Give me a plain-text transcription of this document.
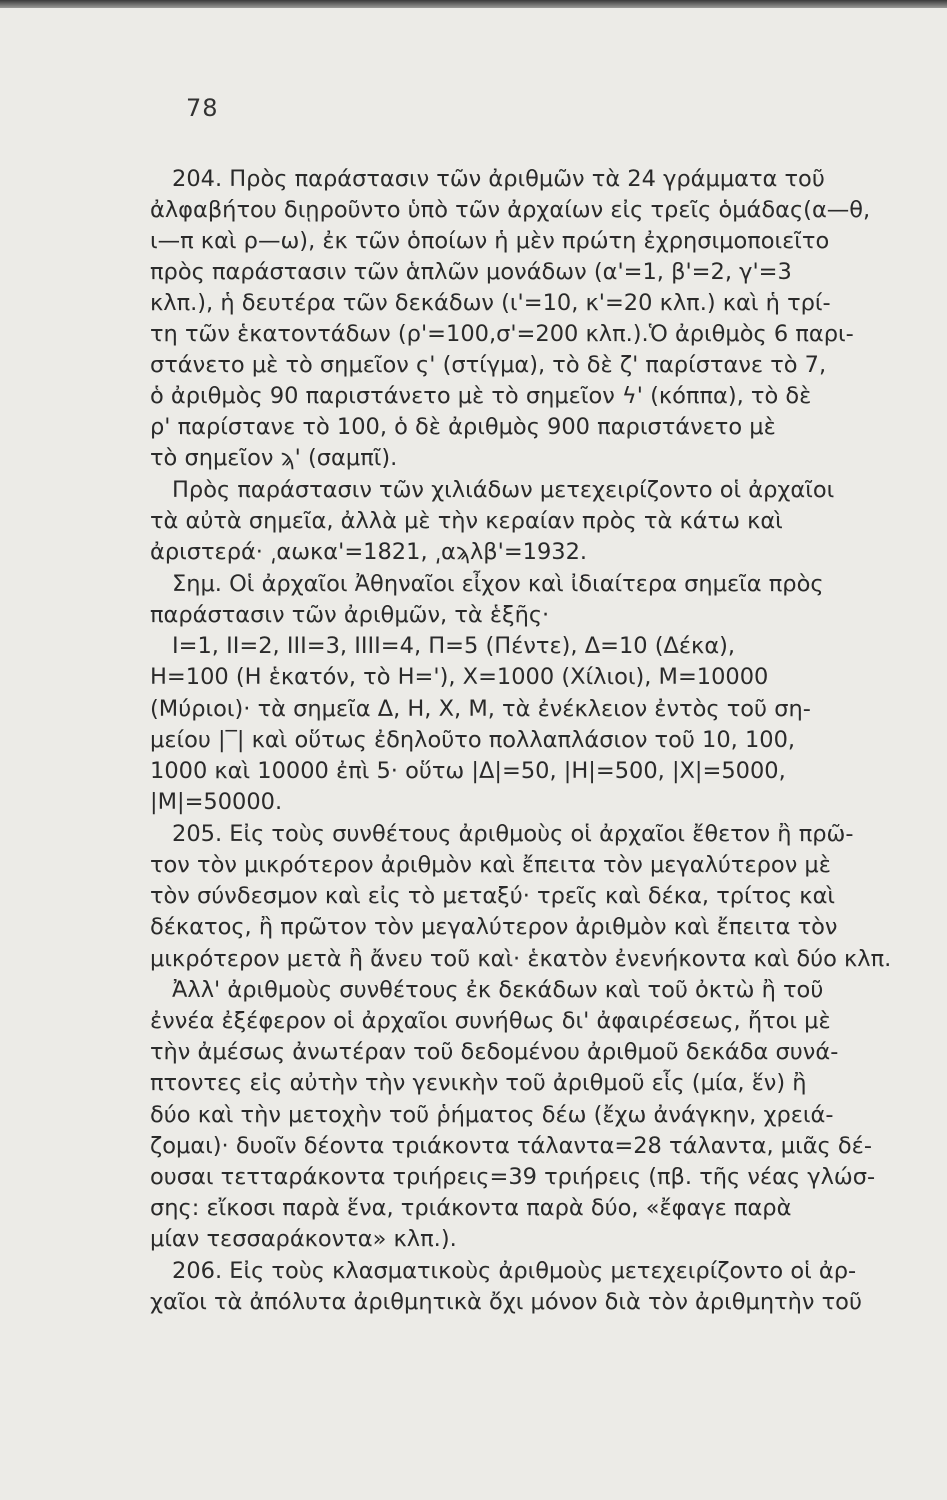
78
204. Πρὸς παράστασιν τῶν ἀριθμῶν τὰ 24 γράμματα τοῦ
ἀλφαβήτου διῃροῦντο ὑπὸ τῶν ἀρχαίων εἰς τρεῖς ὁμάδας(α—θ,
ι—π καὶ ρ—ω), ἐκ τῶν ὁποίων ἡ μὲν πρώτη ἐχρησιμοποιεῖτο
πρὸς παράστασιν τῶν ἁπλῶν μονάδων (α'=1, β'=2, γ'=3
κλπ.), ἡ δευτέρα τῶν δεκάδων (ι'=10, κ'=20 κλπ.) καὶ ἡ τρί-
τη τῶν ἑκατοντάδων (ρ'=100,σ'=200 κλπ.).Ὁ ἀριθμὸς 6 παρι-
στάνετο μὲ τὸ σημεῖον ς' (στίγμα), τὸ δὲ ζ' παρίστανε τὸ 7,
ὁ ἀριθμὸς 90 παριστάνετο μὲ τὸ σημεῖον ϟ' (κόππα), τὸ δὲ
ρ' παρίστανε τὸ 100, ὁ δὲ ἀριθμὸς 900 παριστάνετο μὲ
τὸ σημεῖον ϡ' (σαμπῖ).
Πρὸς παράστασιν τῶν χιλιάδων μετεχειρίζοντο οἱ ἀρχαῖοι
τὰ αὐτὰ σημεῖα, ἀλλὰ μὲ τὴν κεραίαν πρὸς τὰ κάτω καὶ
ἀριστερά· ͵αωκα'=1821, ͵αϡλβ'=1932.
Σημ. Οἱ ἀρχαῖοι Ἀθηναῖοι εἶχον καὶ ἰδιαίτερα σημεῖα πρὸς
παράστασιν τῶν ἀριθμῶν, τὰ ἑξῆς·
I=1, II=2, III=3, IIII=4, Π=5 (Πέντε), Δ=10 (Δέκα),
Η=100 (Η ἑκατόν, τὸ Η='), Χ=1000 (Χίλιοι), Μ=10000
(Μύριοι)· τὰ σημεῖα Δ, Η, Χ, Μ, τὰ ἐνέκλειον ἐντὸς τοῦ ση-
μείου |‾| καὶ οὕτως ἐδηλοῦτο πολλαπλάσιον τοῦ 10, 100,
1000 καὶ 10000 ἐπὶ 5· οὕτω |Δ|=50, |Η|=500, |Χ|=5000,
|Μ|=50000.
205. Εἰς τοὺς συνθέτους ἀριθμοὺς οἱ ἀρχαῖοι ἔθετον ἢ πρῶ-
τον τὸν μικρότερον ἀριθμὸν καὶ ἔπειτα τὸν μεγαλύτερον μὲ
τὸν σύνδεσμον καὶ εἰς τὸ μεταξύ· τρεῖς καὶ δέκα, τρίτος καὶ
δέκατος, ἢ πρῶτον τὸν μεγαλύτερον ἀριθμὸν καὶ ἔπειτα τὸν
μικρότερον μετὰ ἢ ἄνευ τοῦ καὶ· ἑκατὸν ἐνενήκοντα καὶ δύο κλπ.
Ἀλλ' ἀριθμοὺς συνθέτους ἐκ δεκάδων καὶ τοῦ ὀκτὼ ἢ τοῦ
ἐννέα ἐξέφερον οἱ ἀρχαῖοι συνήθως δι' ἀφαιρέσεως, ἤτοι μὲ
τὴν ἀμέσως ἀνωτέραν τοῦ δεδομένου ἀριθμοῦ δεκάδα συνά-
πτοντες εἰς αὐτὴν τὴν γενικὴν τοῦ ἀριθμοῦ εἷς (μία, ἕν) ἢ
δύο καὶ τὴν μετοχὴν τοῦ ῥήματος δέω (ἔχω ἀνάγκην, χρειά-
ζομαι)· δυοῖν δέοντα τριάκοντα τάλαντα=28 τάλαντα, μιᾶς δέ-
ουσαι τετταράκοντα τριήρεις=39 τριήρεις (πβ. τῆς νέας γλώσ-
σης: εἴκοσι παρὰ ἕνα, τριάκοντα παρὰ δύο, «ἔφαγε παρὰ
μίαν τεσσαράκοντα» κλπ.).
206. Εἰς τοὺς κλασματικοὺς ἀριθμοὺς μετεχειρίζοντο οἱ ἀρ-
χαῖοι τὰ ἀπόλυτα ἀριθμητικὰ ὄχι μόνον διὰ τὸν ἀριθμητὴν τοῦ
